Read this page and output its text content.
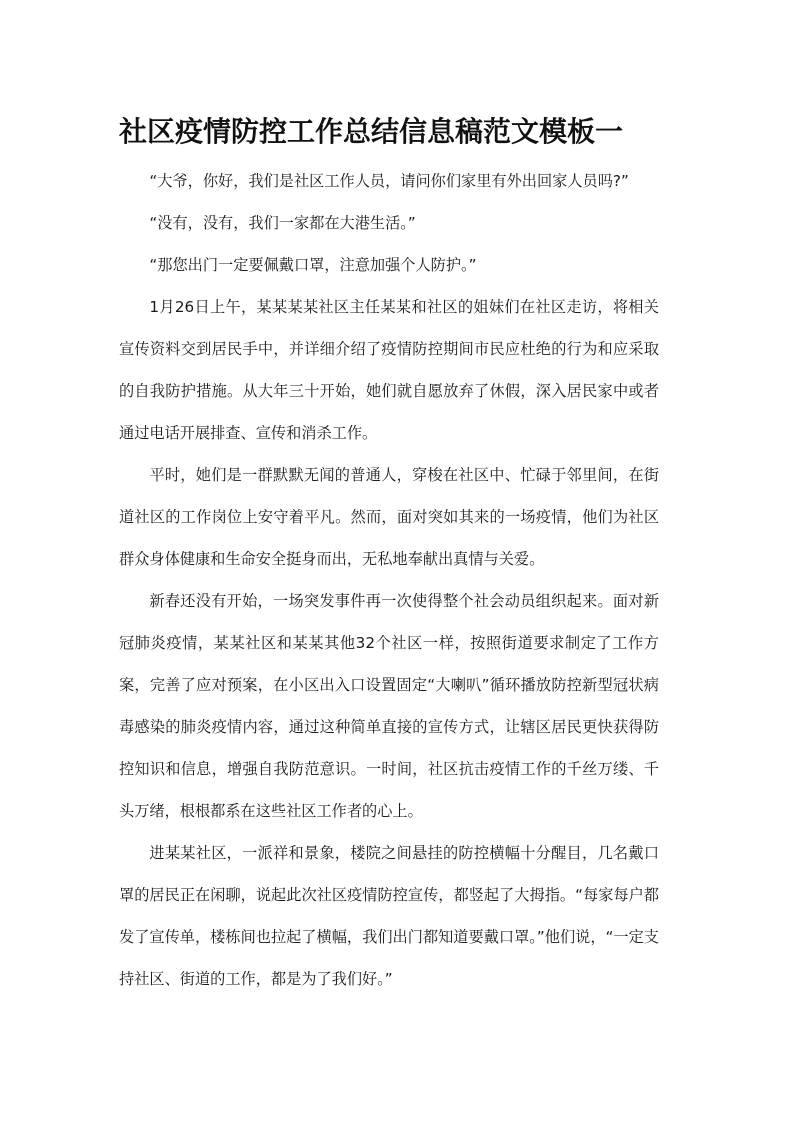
社区疫情防控工作总结信息稿范文模板一

“大爷，你好，我们是社区工作人员，请问你们家里有外出回家人员吗?”

“没有，没有，我们一家都在大港生活。”

“那您出门一定要佩戴口罩，注意加强个人防护。”

1月26日上午，某某某某社区主任某某和社区的姐妹们在社区走访，将相关宣传资料交到居民手中，并详细介绍了疫情防控期间市民应杜绝的行为和应采取的自我防护措施。从大年三十开始，她们就自愿放弃了休假，深入居民家中或者通过电话开展排查、宣传和消杀工作。

平时，她们是一群默默无闻的普通人，穿梭在社区中、忙碌于邻里间，在街道社区的工作岗位上安守着平凡。然而，面对突如其来的一场疫情，他们为社区群众身体健康和生命安全挺身而出，无私地奉献出真情与关爱。

新春还没有开始，一场突发事件再一次使得整个社会动员组织起来。面对新冠肺炎疫情，某某社区和某某其他32个社区一样，按照街道要求制定了工作方案，完善了应对预案，在小区出入口设置固定“大喇叭”循环播放防控新型冠状病毒感染的肺炎疫情内容，通过这种简单直接的宣传方式，让辖区居民更快获得防控知识和信息，增强自我防范意识。一时间，社区抗击疫情工作的千丝万缕、千头万绪，根根都系在这些社区工作者的心上。

进某某社区，一派祥和景象，楼院之间悬挂的防控横幅十分醒目，几名戴口罩的居民正在闲聊，说起此次社区疫情防控宣传，都竖起了大拇指。“每家每户都发了宣传单，楼栋间也拉起了横幅，我们出门都知道要戴口罩。”他们说，“一定支持社区、街道的工作，都是为了我们好。”
